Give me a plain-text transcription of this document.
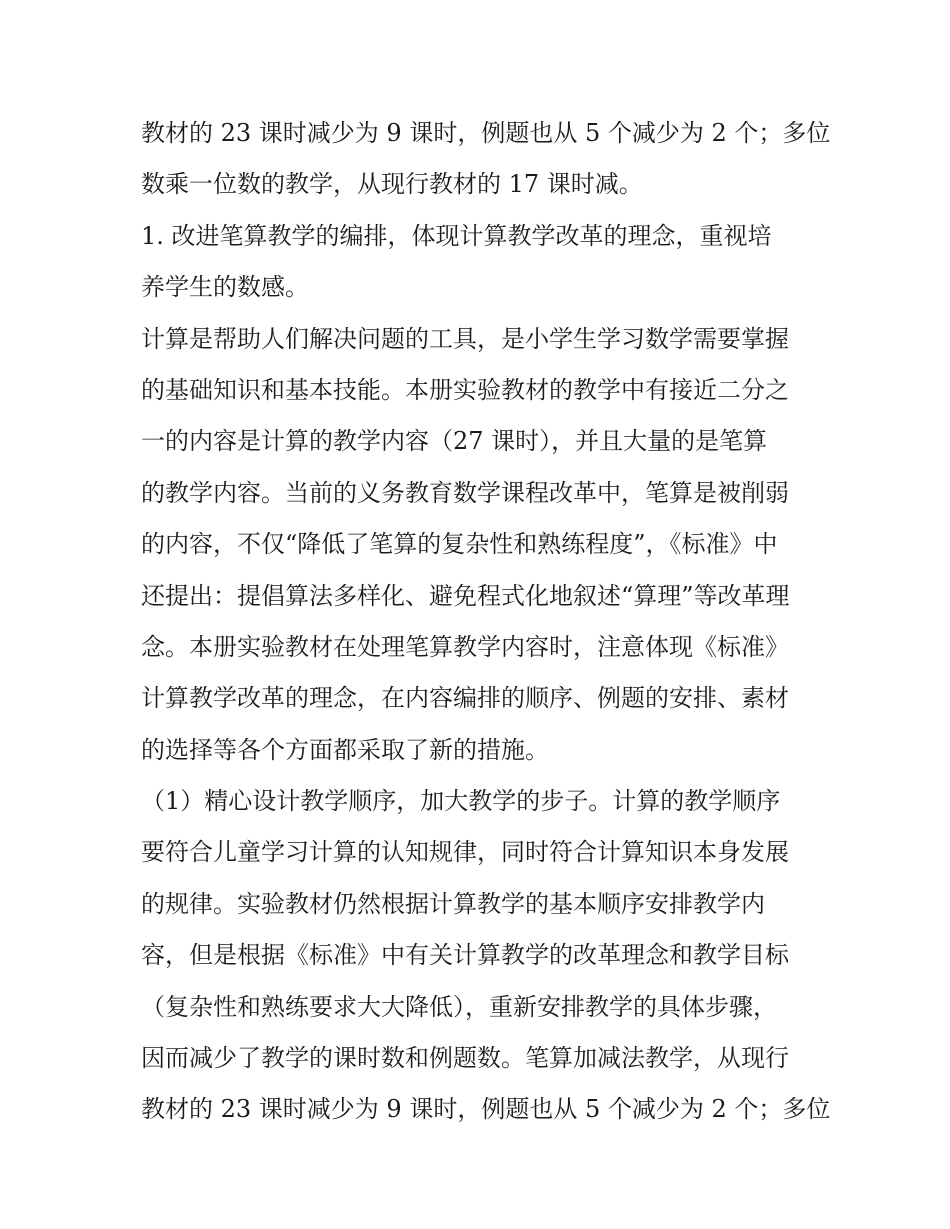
教材的 23 课时减少为 9 课时，例题也从 5 个减少为 2 个；多位
数乘一位数的教学，从现行教材的 17 课时减。
1. 改进笔算教学的编排，体现计算教学改革的理念，重视培
养学生的数感。
计算是帮助人们解决问题的工具，是小学生学习数学需要掌握
的基础知识和基本技能。本册实验教材的教学中有接近二分之
一的内容是计算的教学内容（27 课时），并且大量的是笔算
的教学内容。当前的义务教育数学课程改革中，笔算是被削弱
的内容，不仅“降低了笔算的复杂性和熟练程度”，《标准》中
还提出：提倡算法多样化、避免程式化地叙述“算理”等改革理
念。本册实验教材在处理笔算教学内容时，注意体现《标准》
计算教学改革的理念，在内容编排的顺序、例题的安排、素材
的选择等各个方面都采取了新的措施。
（1）精心设计教学顺序，加大教学的步子。计算的教学顺序
要符合儿童学习计算的认知规律，同时符合计算知识本身发展
的规律。实验教材仍然根据计算教学的基本顺序安排教学内
容，但是根据《标准》中有关计算教学的改革理念和教学目标
（复杂性和熟练要求大大降低），重新安排教学的具体步骤，
因而减少了教学的课时数和例题数。笔算加减法教学，从现行
教材的 23 课时减少为 9 课时，例题也从 5 个减少为 2 个；多位
